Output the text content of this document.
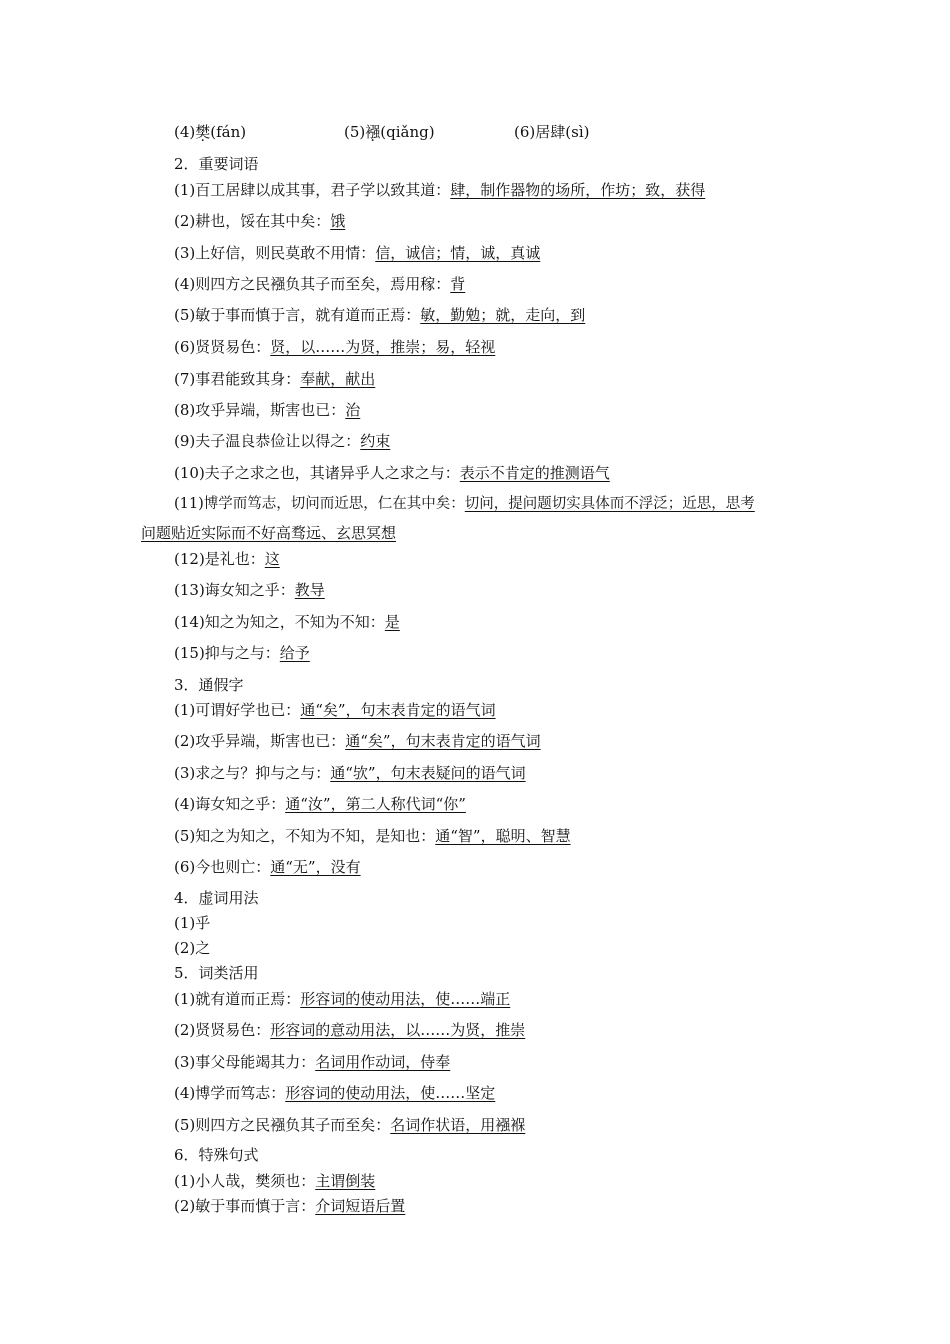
(4)樊(fán)	(5)襁(qiǎng)	(6)居肆(sì)
2．重要词语
(1)百工居肆以成其事，君子学以致其道：肆，制作器物的场所，作坊；致，获得
(2)耕也，馁在其中矣：饿
(3)上好信，则民莫敢不用情：信，诚信；情，诚，真诚
(4)则四方之民襁负其子而至矣，焉用稼：背
(5)敏于事而慎于言，就有道而正焉：敏，勤勉；就，走向，到
(6)贤贤易色：贤，以……为贤，推崇；易，轻视
(7)事君能致其身：奉献，献出
(8)攻乎异端，斯害也已：治
(9)夫子温良恭俭让以得之：约束
(10)夫子之求之也，其诸异乎人之求之与：表示不肯定的推测语气
(11)博学而笃志，切问而近思，仁在其中矣：切问，提问题切实具体而不浮泛；近思，思考
问题贴近实际而不好高骛远、玄思冥想
(12)是礼也：这
(13)诲女知之乎：教导
(14)知之为知之，不知为不知：是
(15)抑与之与：给予
3．通假字
(1)可谓好学也已：通“矣”，句末表肯定的语气词
(2)攻乎异端，斯害也已：通“矣”，句末表肯定的语气词
(3)求之与？抑与之与：通“欤”，句末表疑问的语气词
(4)诲女知之乎：通“汝”，第二人称代词“你”
(5)知之为知之，不知为不知，是知也：通“智”，聪明、智慧
(6)今也则亡：通“无”，没有
4．虚词用法
(1)乎
(2)之
5．词类活用
(1)就有道而正焉：形容词的使动用法，使……端正
(2)贤贤易色：形容词的意动用法，以……为贤，推崇
(3)事父母能竭其力：名词用作动词，侍奉
(4)博学而笃志：形容词的使动用法，使……坚定
(5)则四方之民襁负其子而至矣：名词作状语，用襁褓
6．特殊句式
(1)小人哉，樊须也：主谓倒装
(2)敏于事而慎于言：介词短语后置
